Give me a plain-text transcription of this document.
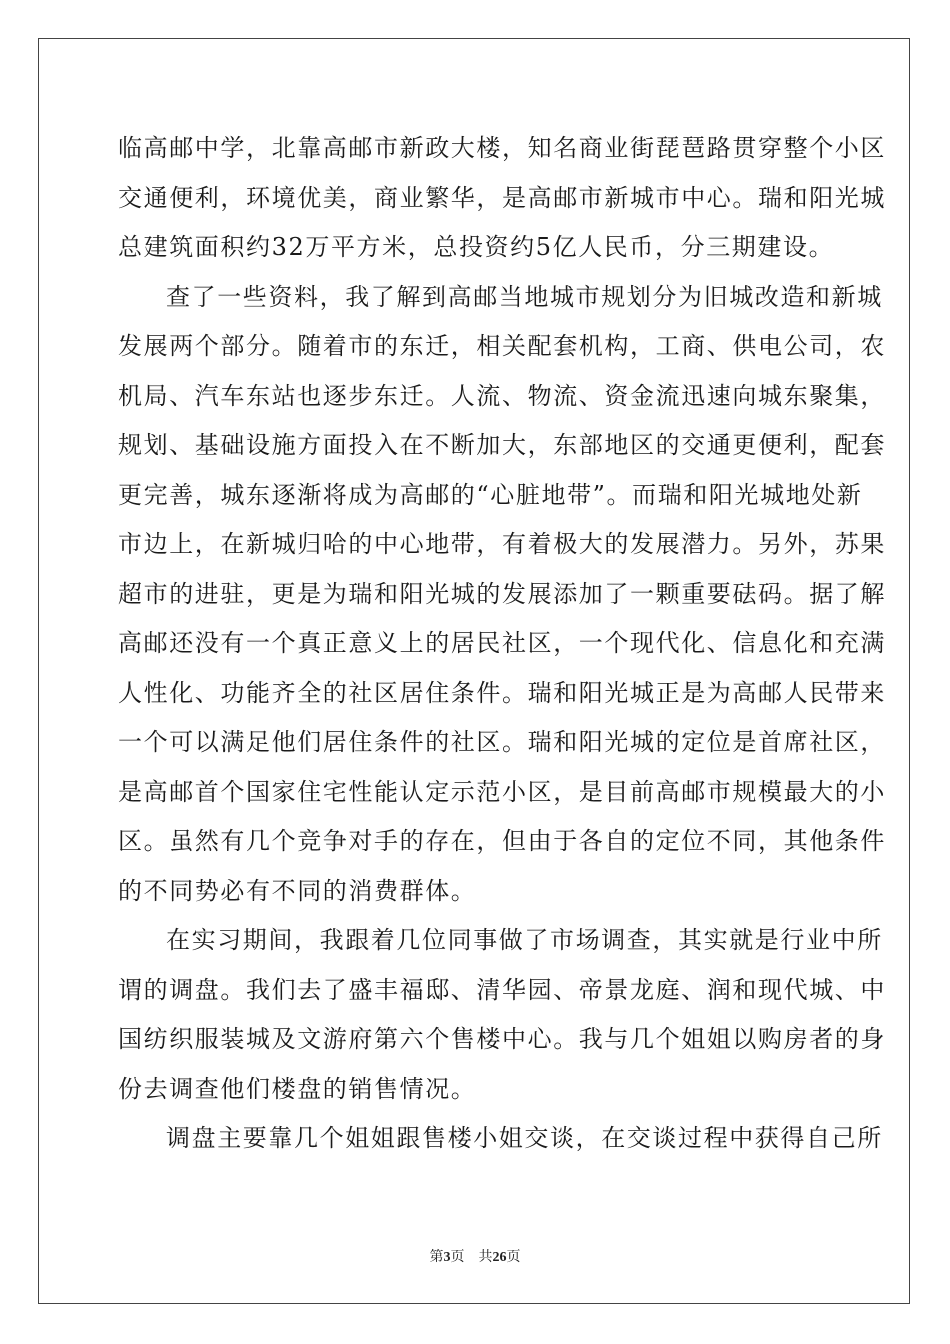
临高邮中学，北靠高邮市新政大楼，知名商业街琵琶路贯穿整个小区
交通便利，环境优美，商业繁华，是高邮市新城市中心。瑞和阳光城
总建筑面积约32万平方米，总投资约5亿人民币，分三期建设。
查了一些资料，我了解到高邮当地城市规划分为旧城改造和新城
发展两个部分。随着市的东迁，相关配套机构，工商、供电公司，农
机局、汽车东站也逐步东迁。人流、物流、资金流迅速向城东聚集，
规划、基础设施方面投入在不断加大，东部地区的交通更便利，配套
更完善，城东逐渐将成为高邮的“心脏地带”。而瑞和阳光城地处新
市边上，在新城归哈的中心地带，有着极大的发展潜力。另外，苏果
超市的进驻，更是为瑞和阳光城的发展添加了一颗重要砝码。据了解
高邮还没有一个真正意义上的居民社区，一个现代化、信息化和充满
人性化、功能齐全的社区居住条件。瑞和阳光城正是为高邮人民带来
一个可以满足他们居住条件的社区。瑞和阳光城的定位是首席社区，
是高邮首个国家住宅性能认定示范小区，是目前高邮市规模最大的小
区。虽然有几个竞争对手的存在，但由于各自的定位不同，其他条件
的不同势必有不同的消费群体。
在实习期间，我跟着几位同事做了市场调查，其实就是行业中所
谓的调盘。我们去了盛丰福邸、清华园、帝景龙庭、润和现代城、中
国纺织服装城及文游府第六个售楼中心。我与几个姐姐以购房者的身
份去调查他们楼盘的销售情况。
调盘主要靠几个姐姐跟售楼小姐交谈，在交谈过程中获得自己所
第3页 共26页
